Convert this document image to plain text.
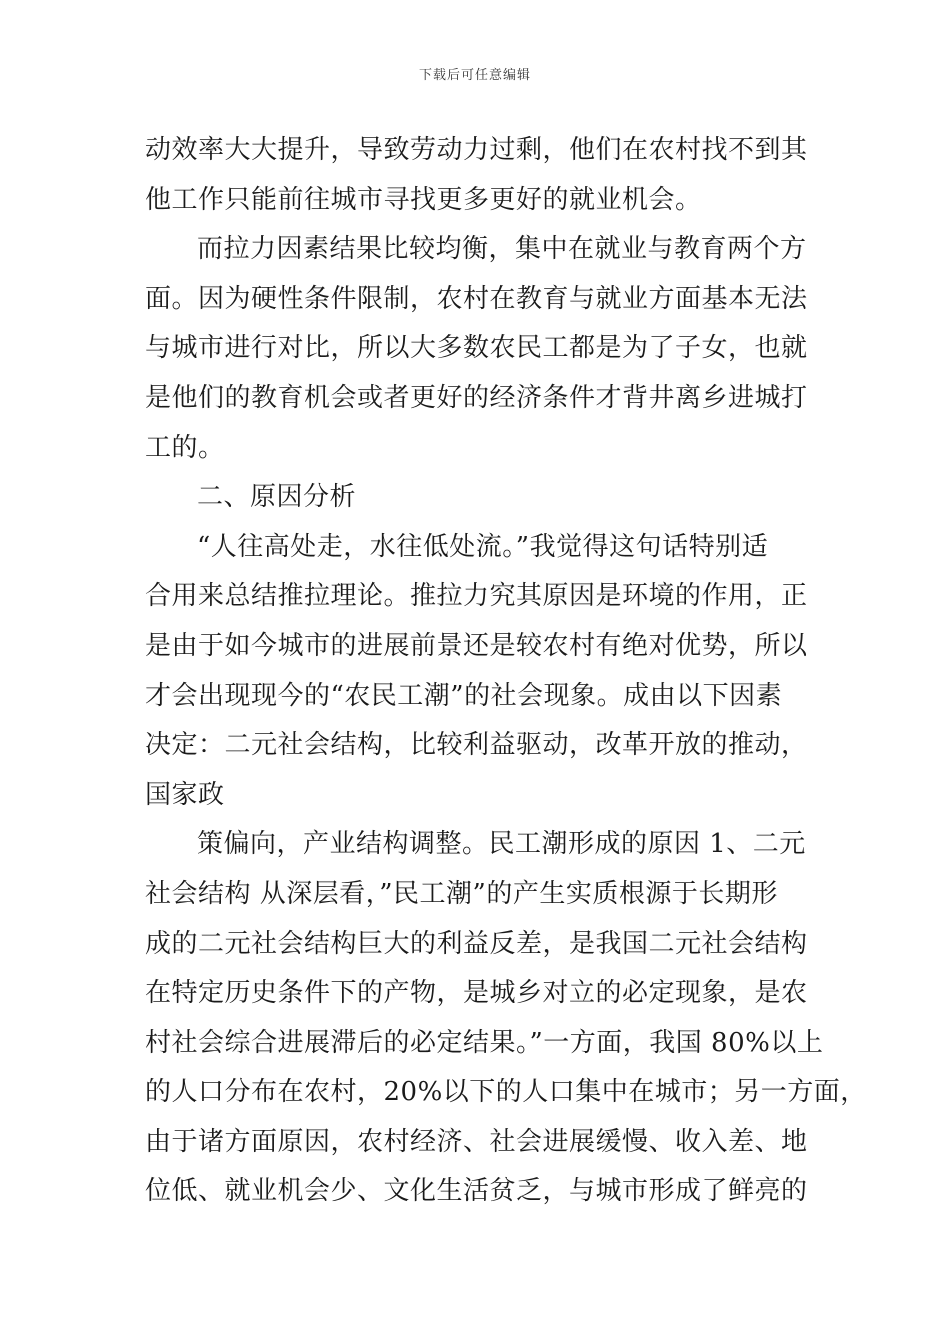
下载后可任意编辑
动效率大大提升，导致劳动力过剩，他们在农村找不到其
他工作只能前往城市寻找更多更好的就业机会。
而拉力因素结果比较均衡，集中在就业与教育两个方
面。因为硬性条件限制，农村在教育与就业方面基本无法
与城市进行对比，所以大多数农民工都是为了子女，也就
是他们的教育机会或者更好的经济条件才背井离乡进城打
工的。
二、原因分析
“人往高处走，水往低处流。”我觉得这句话特别适
合用来总结推拉理论。推拉力究其原因是环境的作用，正
是由于如今城市的进展前景还是较农村有绝对优势，所以
才会出现现今的“农民工潮”的社会现象。成由以下因素
决定：二元社会结构，比较利益驱动，改革开放的推动，
国家政
策偏向，产业结构调整。民工潮形成的原因 1、二元
社会结构 从深层看，”民工潮”的产生实质根源于长期形
成的二元社会结构巨大的利益反差，是我国二元社会结构
在特定历史条件下的产物，是城乡对立的必定现象，是农
村社会综合进展滞后的必定结果。”一方面，我国 80%以上
的人口分布在农村，20%以下的人口集中在城市；另一方面，
由于诸方面原因，农村经济、社会进展缓慢、收入差、地
位低、就业机会少、文化生活贫乏，与城市形成了鲜亮的
